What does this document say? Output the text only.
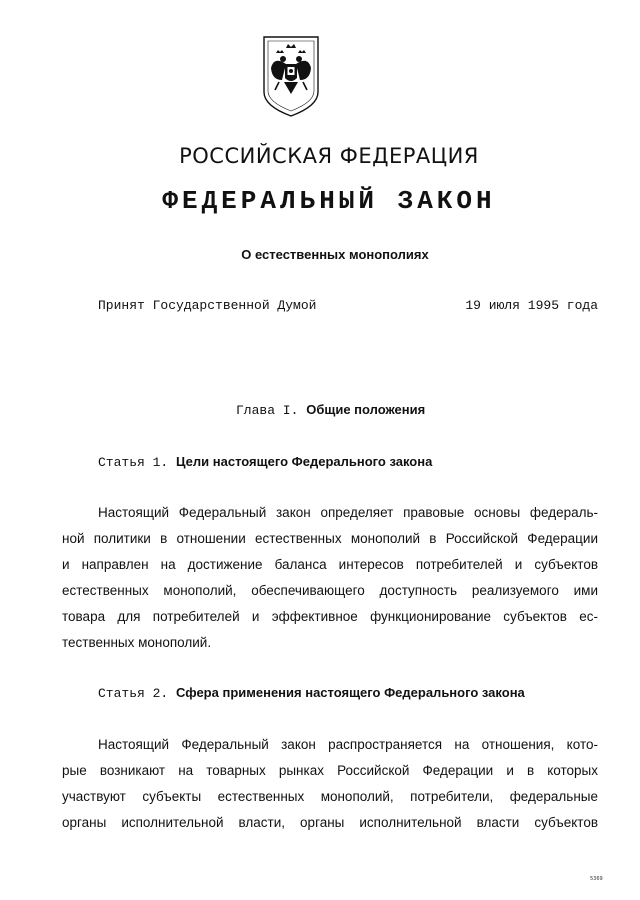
РОССИЙСКАЯ ФЕДЕРАЦИЯ
ФЕДЕРАЛЬНЫЙ ЗАКОН
О естественных монополиях
Принят Государственной Думой	19 июля 1995 года
Глава I. Общие положения
Статья 1. Цели настоящего Федерального закона
Настоящий Федеральный закон определяет правовые основы федераль-
ной политики в отношении естественных монополий в Российской Федерации
и направлен на достижение баланса интересов потребителей и субъектов
естественных монополий, обеспечивающего доступность реализуемого ими
товара для потребителей и эффективное функционирование субъектов ес-
тественных монополий.
Статья 2. Сфера применения настоящего Федерального закона
Настоящий Федеральный закон распространяется на отношения, кото-
рые возникают на товарных рынках Российской Федерации и в которых
участвуют субъекты естественных монополий, потребители, федеральные
органы исполнительной власти, органы исполнительной власти субъектов
5369
